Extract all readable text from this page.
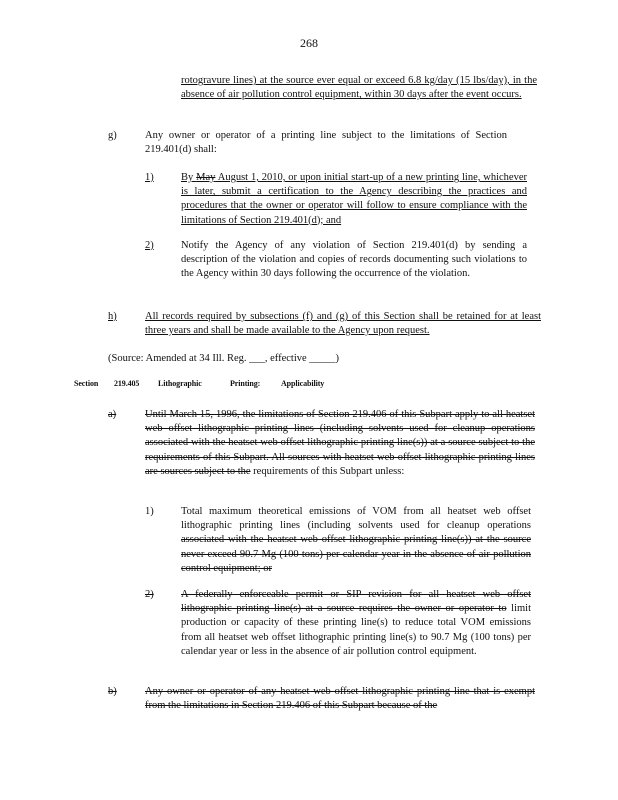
268
rotogravure lines) at the source ever equal or exceed 6.8 kg/day (15 lbs/day), in the absence of air pollution control equipment, within 30 days after the event occurs.
g)	Any owner or operator of a printing line subject to the limitations of Section 219.401(d) shall:
1)	By May August 1, 2010, or upon initial start-up of a new printing line, whichever is later, submit a certification to the Agency describing the practices and procedures that the owner or operator will follow to ensure compliance with the limitations of Section 219.401(d); and
2)	Notify the Agency of any violation of Section 219.401(d) by sending a description of the violation and copies of records documenting such violations to the Agency within 30 days following the occurrence of the violation.
h)	All records required by subsections (f) and (g) of this Section shall be retained for at least three years and shall be made available to the Agency upon request.
(Source: Amended at 34 Ill. Reg. ___, effective _____)
Section 219.405 Lithographic	Printing:	Applicability
a)	Until March 15, 1996, the limitations of Section 219.406 of this Subpart apply to all heatset web offset lithographic printing lines (including solvents used for cleanup operations associated with the heatset web offset lithographic printing line(s)) at a source subject to the requirements of this Subpart. All sources with heatset web offset lithographic printing lines are sources subject to the requirements of this Subpart unless:
1)	Total maximum theoretical emissions of VOM from all heatset web offset lithographic printing lines (including solvents used for cleanup operations associated with the heatset web offset lithographic printing line(s)) at the source never exceed 90.7 Mg (100 tons) per calendar year in the absence of air pollution control equipment; or
2)	A federally enforceable permit or SIP revision for all heatset web offset lithographic printing line(s) at a source requires the owner or operator to limit production or capacity of these printing line(s) to reduce total VOM emissions from all heatset web offset lithographic printing line(s) to 90.7 Mg (100 tons) per calendar year or less in the absence of air pollution control equipment.
b)	Any owner or operator of any heatset web offset lithographic printing line that is exempt from the limitations in Section 219.406 of this Subpart because of the
